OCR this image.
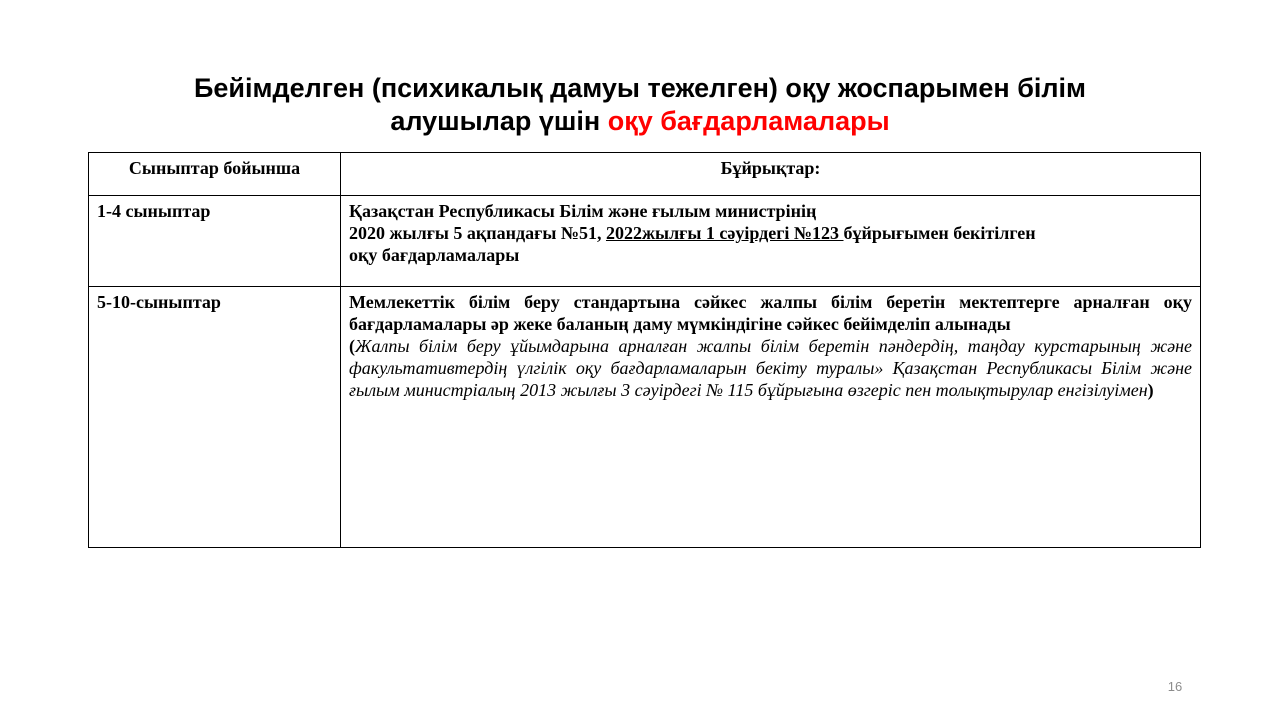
Бейімделген (психикалық дамуы тежелген) оқу жоспарымен білім
алушылар үшін оқу бағдарламалары
Сыныптар бойынша	Бұйрықтар:
1-4 сыныптар	Қазақстан Республикасы Білім және ғылым министрінің
2020 жылғы 5 ақпандағы №51, 2022жылғы 1 сәуірдегі №123 бұйрығымен бекітілген
оқу бағдарламалары

5-10-сыныптар	Мемлекеттік білім беру стандартына сәйкес жалпы білім беретін мектептерге арналған оқу бағдарламалары әр жеке баланың даму мүмкіндігіне сәйкес бейімделіп алынады
(Жалпы білім беру ұйымдарына арналған жалпы білім беретін пәндердің, таңдау курстарының және факультативтердің үлгілік оқу бағдарламаларын бекіту туралы» Қазақстан Республикасы Білім және ғылым министріалың 2013 жылғы 3 сәуірдегі № 115 бұйрығына өзгеріс пен толықтырулар енгізілуімен)
16
